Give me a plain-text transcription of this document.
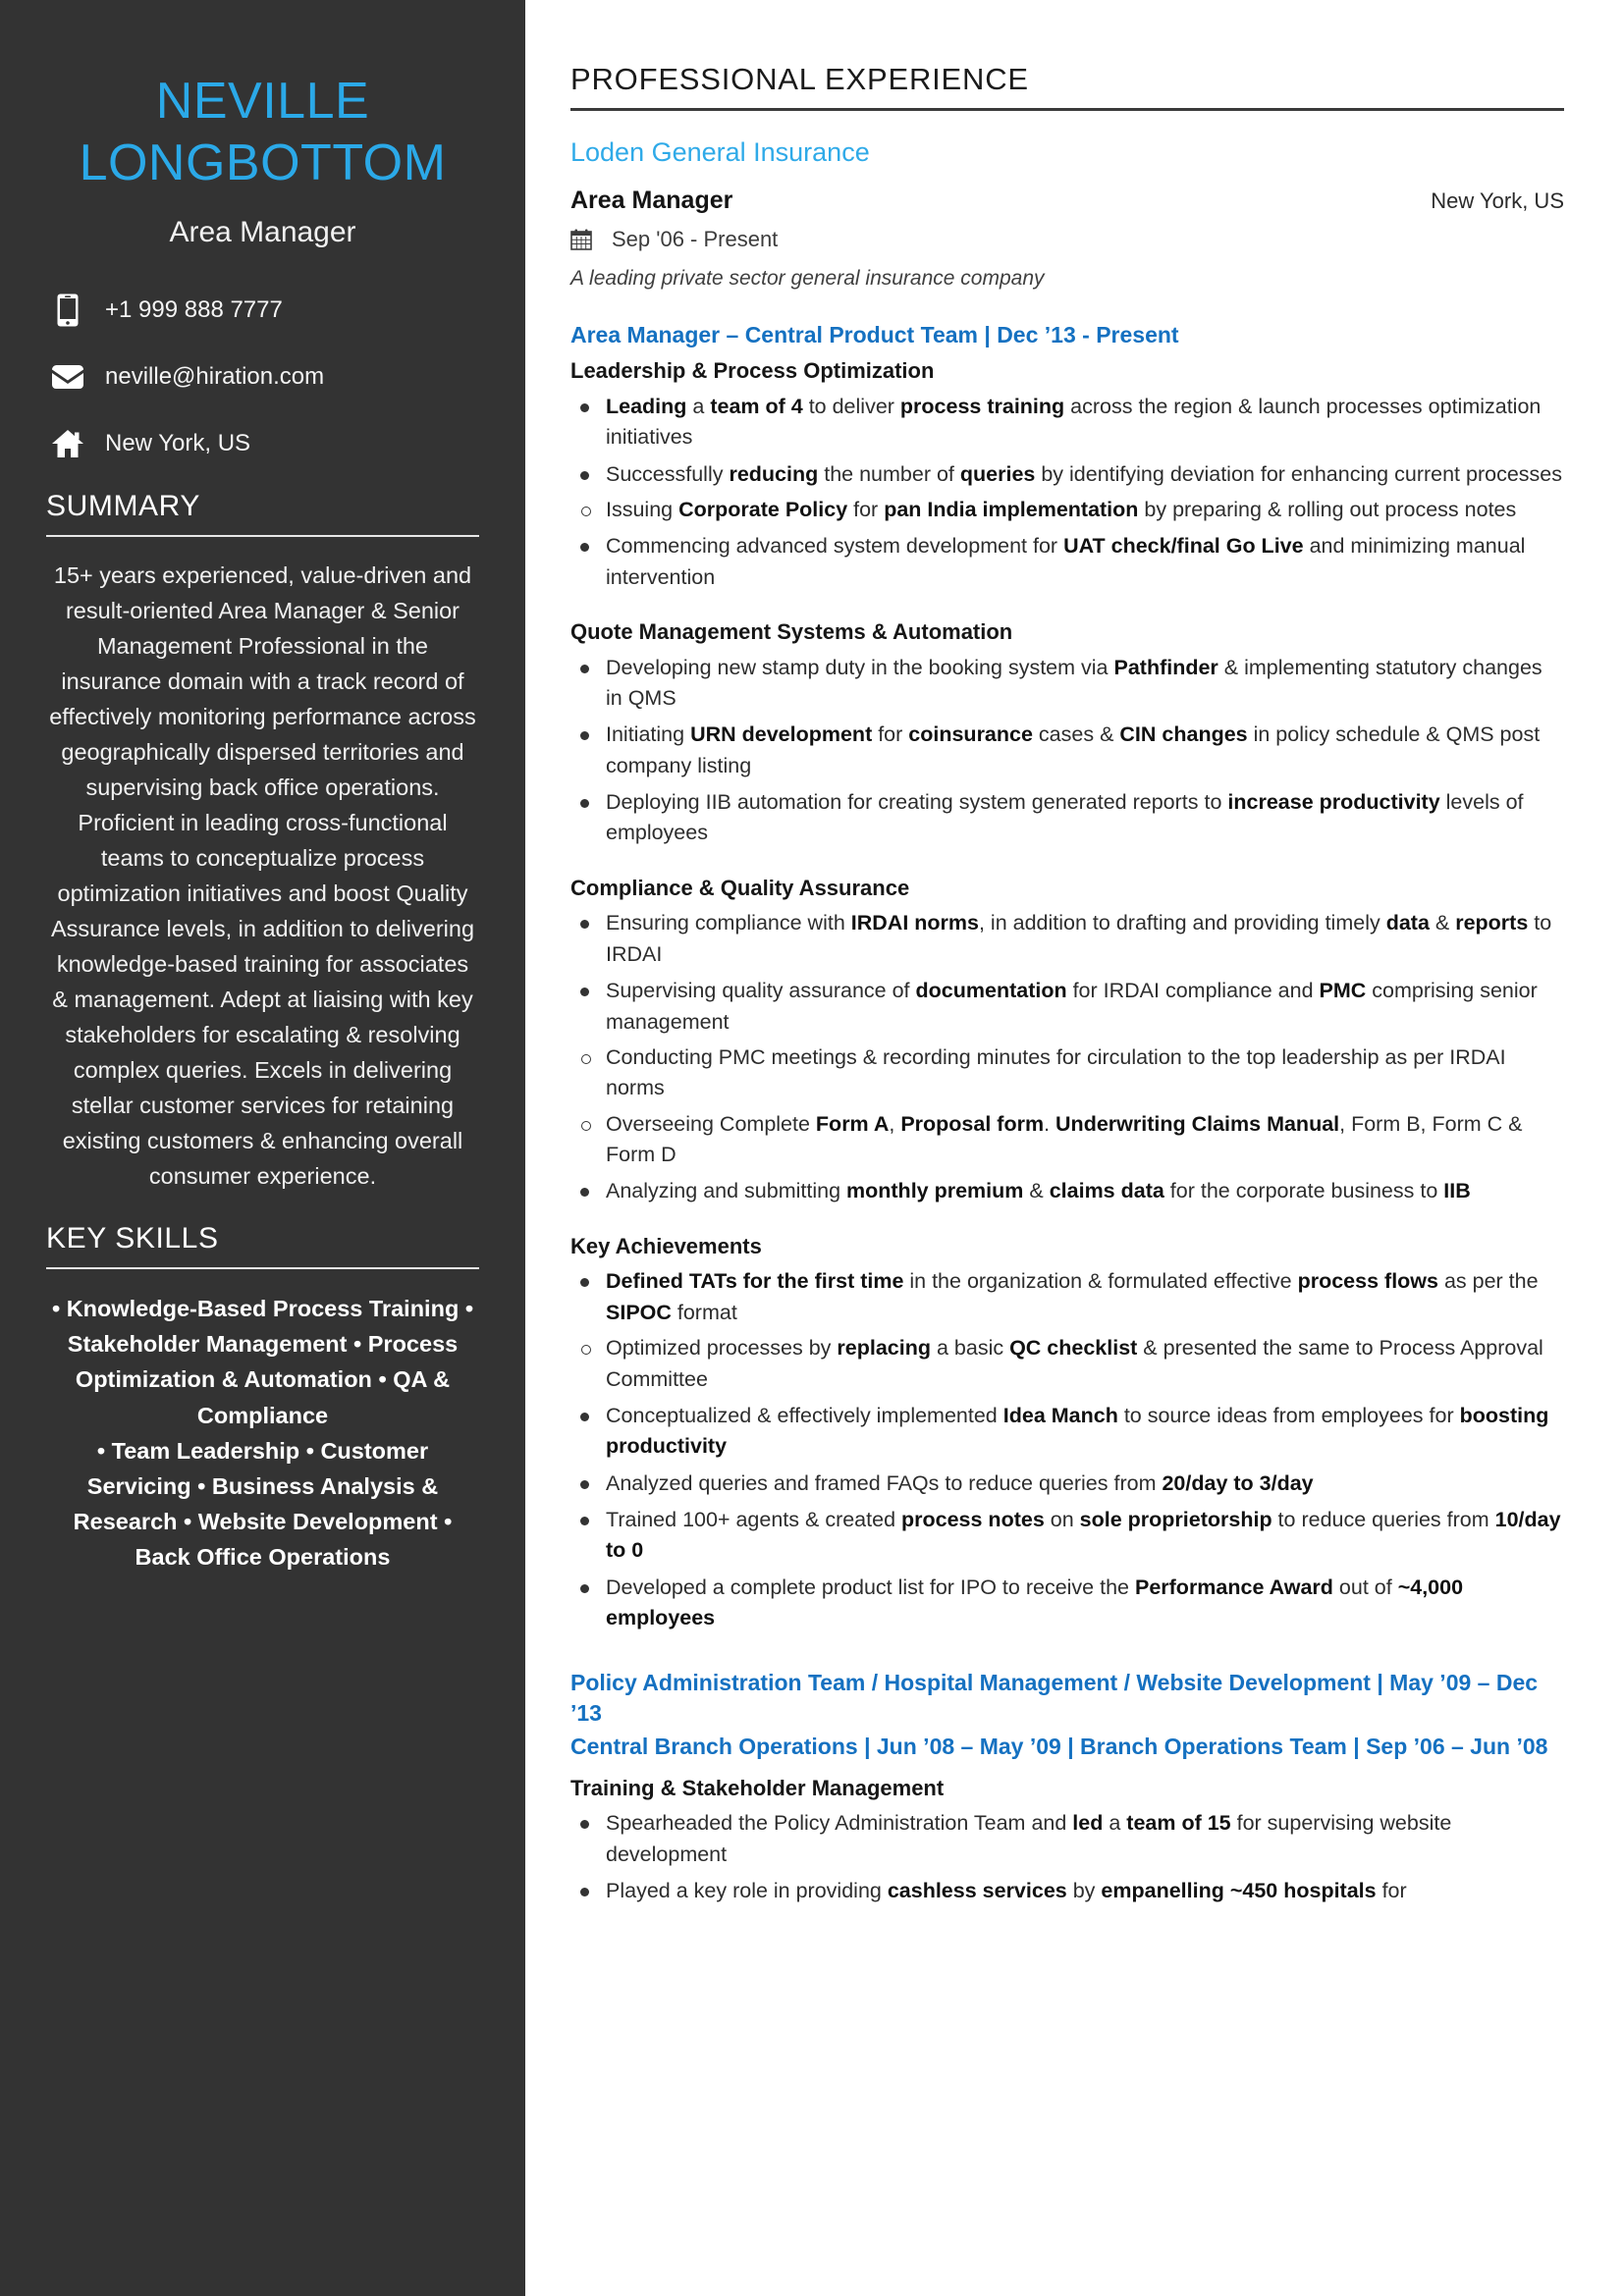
NEVILLE
LONGBOTTOM
Area Manager
+1 999 888 7777
neville@hiration.com
New York, US
SUMMARY
15+ years experienced, value-driven and result-oriented Area Manager & Senior Management Professional in the insurance domain with a track record of effectively monitoring performance across geographically dispersed territories and supervising back office operations. Proficient in leading cross-functional teams to conceptualize process optimization initiatives and boost Quality Assurance levels, in addition to delivering knowledge-based training for associates & management. Adept at liaising with key stakeholders for escalating & resolving complex queries. Excels in delivering stellar customer services for retaining existing customers & enhancing overall consumer experience.
KEY SKILLS
• Knowledge-Based Process Training • Stakeholder Management • Process Optimization & Automation • QA & Compliance
• Team Leadership • Customer Servicing • Business Analysis & Research • Website Development • Back Office Operations
PROFESSIONAL EXPERIENCE
Loden General Insurance
Area Manager	New York, US
Sep '06 - Present
A leading private sector general insurance company
Area Manager – Central Product Team | Dec ’13 - Present
Leadership & Process Optimization
Leading a team of 4 to deliver process training across the region & launch processes optimization initiatives
Successfully reducing the number of queries by identifying deviation for enhancing current processes
Issuing Corporate Policy for pan India implementation by preparing & rolling out process notes
Commencing advanced system development for UAT check/final Go Live and minimizing manual intervention
Quote Management Systems & Automation
Developing new stamp duty in the booking system via Pathfinder & implementing statutory changes in QMS
Initiating URN development for coinsurance cases & CIN changes in policy schedule & QMS post company listing
Deploying IIB automation for creating system generated reports to increase productivity levels of employees
Compliance & Quality Assurance
Ensuring compliance with IRDAI norms, in addition to drafting and providing timely data & reports to IRDAI
Supervising quality assurance of documentation for IRDAI compliance and PMC comprising senior management
Conducting PMC meetings & recording minutes for circulation to the top leadership as per IRDAI norms
Overseeing Complete Form A, Proposal form. Underwriting Claims Manual, Form B, Form C & Form D
Analyzing and submitting monthly premium & claims data for the corporate business to IIB
Key Achievements
Defined TATs for the first time in the organization & formulated effective process flows as per the SIPOC format
Optimized processes by replacing a basic QC checklist & presented the same to Process Approval Committee
Conceptualized & effectively implemented Idea Manch to source ideas from employees for boosting productivity
Analyzed queries and framed FAQs to reduce queries from 20/day to 3/day
Trained 100+ agents & created process notes on sole proprietorship to reduce queries from 10/day to 0
Developed a complete product list for IPO to receive the Performance Award out of ~4,000 employees
Policy Administration Team / Hospital Management / Website Development | May ’09 – Dec ’13
Central Branch Operations | Jun ’08 – May ’09 | Branch Operations Team | Sep ’06 – Jun ’08
Training & Stakeholder Management
Spearheaded the Policy Administration Team and led a team of 15 for supervising website development
Played a key role in providing cashless services by empanelling ~450 hospitals for
